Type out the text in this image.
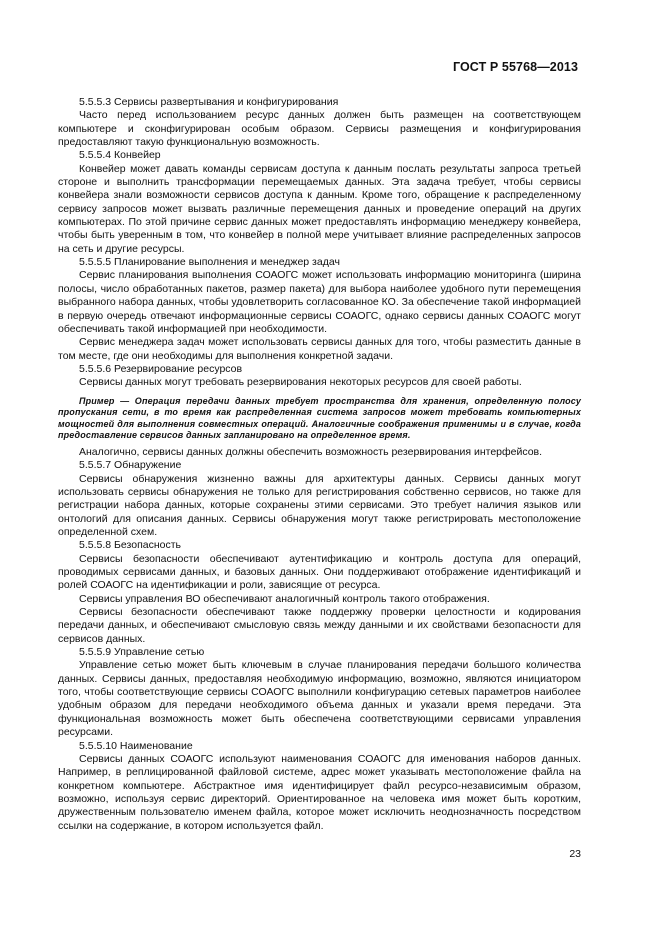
ГОСТ Р 55768—2013

5.5.5.3 Сервисы развертывания и конфигурирования

Часто перед использованием ресурс данных должен быть размещен на соответствующем компьютере и сконфигурирован особым образом. Сервисы размещения и конфигурирования предоставляют такую функциональную возможность.

5.5.5.4 Конвейер

Конвейер может давать команды сервисам доступа к данным послать результаты запроса третьей стороне и выполнить трансформации перемещаемых данных. Эта задача требует, чтобы сервисы конвейера знали возможности сервисов доступа к данным. Кроме того, обращение к распределенному сервису запросов может вызвать различные перемещения данных и проведение операций на других компьютерах. По этой причине сервис данных может предоставлять информацию менеджеру конвейера, чтобы быть уверенным в том, что конвейер в полной мере учитывает влияние распределенных запросов на сеть и другие ресурсы.

5.5.5.5 Планирование выполнения и менеджер задач

Сервис планирования выполнения СОАОГС может использовать информацию мониторинга (ширина полосы, число обработанных пакетов, размер пакета) для выбора наиболее удобного пути перемещения выбранного набора данных, чтобы удовлетворить согласованное КО. За обеспечение такой информацией в первую очередь отвечают информационные сервисы СОАОГС, однако сервисы данных СОАОГС могут обеспечивать такой информацией при необходимости.

Сервис менеджера задач может использовать сервисы данных для того, чтобы разместить данные в том месте, где они необходимы для выполнения конкретной задачи.

5.5.5.6 Резервирование ресурсов

Сервисы данных могут требовать резервирования некоторых ресурсов для своей работы.

Пример — Операция передачи данных требует пространства для хранения, определенную полосу пропускания сети, в то время как распределенная система запросов может требовать компьютерных мощностей для выполнения совместных операций. Аналогичные соображения применимы и в случае, когда предоставление сервисов данных запланировано на определенное время.

Аналогично, сервисы данных должны обеспечить возможность резервирования интерфейсов.

5.5.5.7 Обнаружение

Сервисы обнаружения жизненно важны для архитектуры данных. Сервисы данных могут использовать сервисы обнаружения не только для регистрирования собственно сервисов, но также для регистрации набора данных, которые сохранены этими сервисами. Это требует наличия языков или онтологий для описания данных. Сервисы обнаружения могут также регистрировать местоположение определенной схем.

5.5.5.8 Безопасность

Сервисы безопасности обеспечивают аутентификацию и контроль доступа для операций, проводимых сервисами данных, и базовых данных. Они поддерживают отображение идентификаций и ролей СОАОГС на идентификации и роли, зависящие от ресурса.

Сервисы управления ВО обеспечивают аналогичный контроль такого отображения.

Сервисы безопасности обеспечивают также поддержку проверки целостности и кодирования передачи данных, и обеспечивают смысловую связь между данными и их свойствами безопасности для сервисов данных.

5.5.5.9 Управление сетью

Управление сетью может быть ключевым в случае планирования передачи большого количества данных. Сервисы данных, предоставляя необходимую информацию, возможно, являются инициатором того, чтобы соответствующие сервисы СОАОГС выполнили конфигурацию сетевых параметров наиболее удобным образом для передачи необходимого объема данных и указали время передачи. Эта функциональная возможность может быть обеспечена соответствующими сервисами управления ресурсами.

5.5.5.10 Наименование

Сервисы данных СОАОГС используют наименования СОАОГС для именования наборов данных. Например, в реплицированной файловой системе, адрес может указывать местоположение файла на конкретном компьютере. Абстрактное имя идентифицирует файл ресурсо-независимым образом, возможно, используя сервис директорий. Ориентированное на человека имя может быть коротким, дружественным пользователю именем файла, которое может исключить неоднозначность посредством ссылки на содержание, в котором используется файл.

23
